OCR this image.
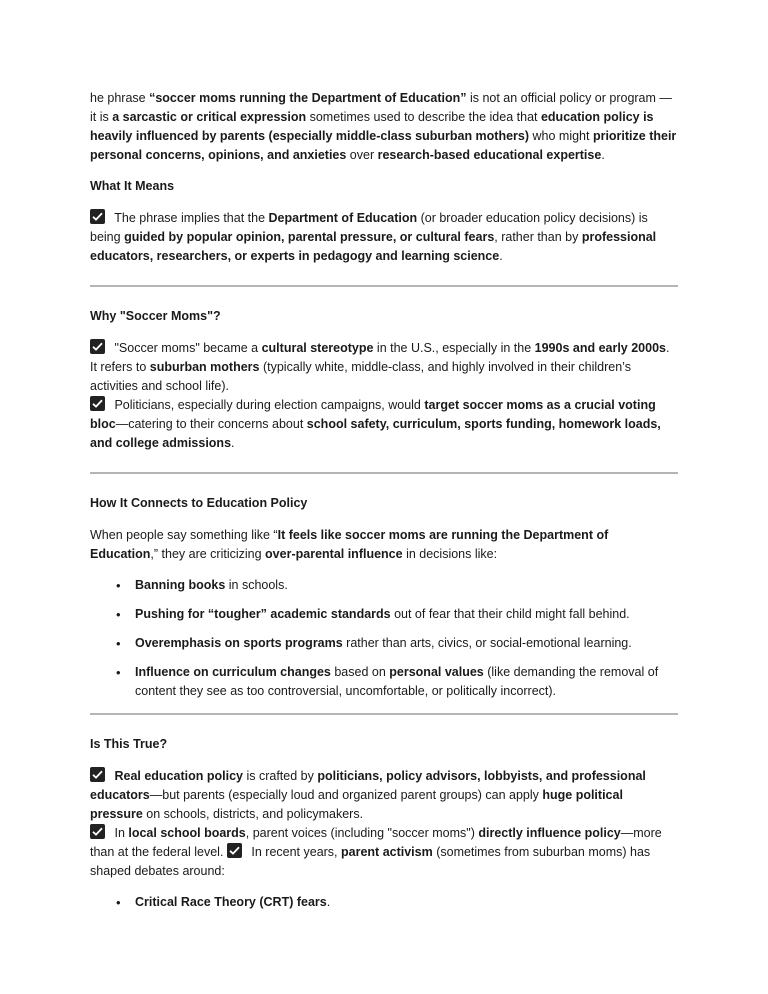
he phrase “soccer moms running the Department of Education” is not an official policy or program — it is a sarcastic or critical expression sometimes used to describe the idea that education policy is heavily influenced by parents (especially middle-class suburban mothers) who might prioritize their personal concerns, opinions, and anxieties over research-based educational expertise.

What It Means

The phrase implies that the Department of Education (or broader education policy decisions) is being guided by popular opinion, parental pressure, or cultural fears, rather than by professional educators, researchers, or experts in pedagogy and learning science.

Why "Soccer Moms"?

"Soccer moms" became a cultural stereotype in the U.S., especially in the 1990s and early 2000s. It refers to suburban mothers (typically white, middle-class, and highly involved in their children’s activities and school life).

Politicians, especially during election campaigns, would target soccer moms as a crucial voting bloc—catering to their concerns about school safety, curriculum, sports funding, homework loads, and college admissions.

How It Connects to Education Policy

When people say something like “It feels like soccer moms are running the Department of Education,” they are criticizing over-parental influence in decisions like:

• Banning books in schools.
• Pushing for “tougher” academic standards out of fear that their child might fall behind.
• Overemphasis on sports programs rather than arts, civics, or social-emotional learning.
• Influence on curriculum changes based on personal values (like demanding the removal of content they see as too controversial, uncomfortable, or politically incorrect).

Is This True?

Real education policy is crafted by politicians, policy advisors, lobbyists, and professional educators—but parents (especially loud and organized parent groups) can apply huge political pressure on schools, districts, and policymakers.

In local school boards, parent voices (including "soccer moms") directly influence policy—more than at the federal level.
In recent years, parent activism (sometimes from suburban moms) has shaped debates around:

• Critical Race Theory (CRT) fears.
